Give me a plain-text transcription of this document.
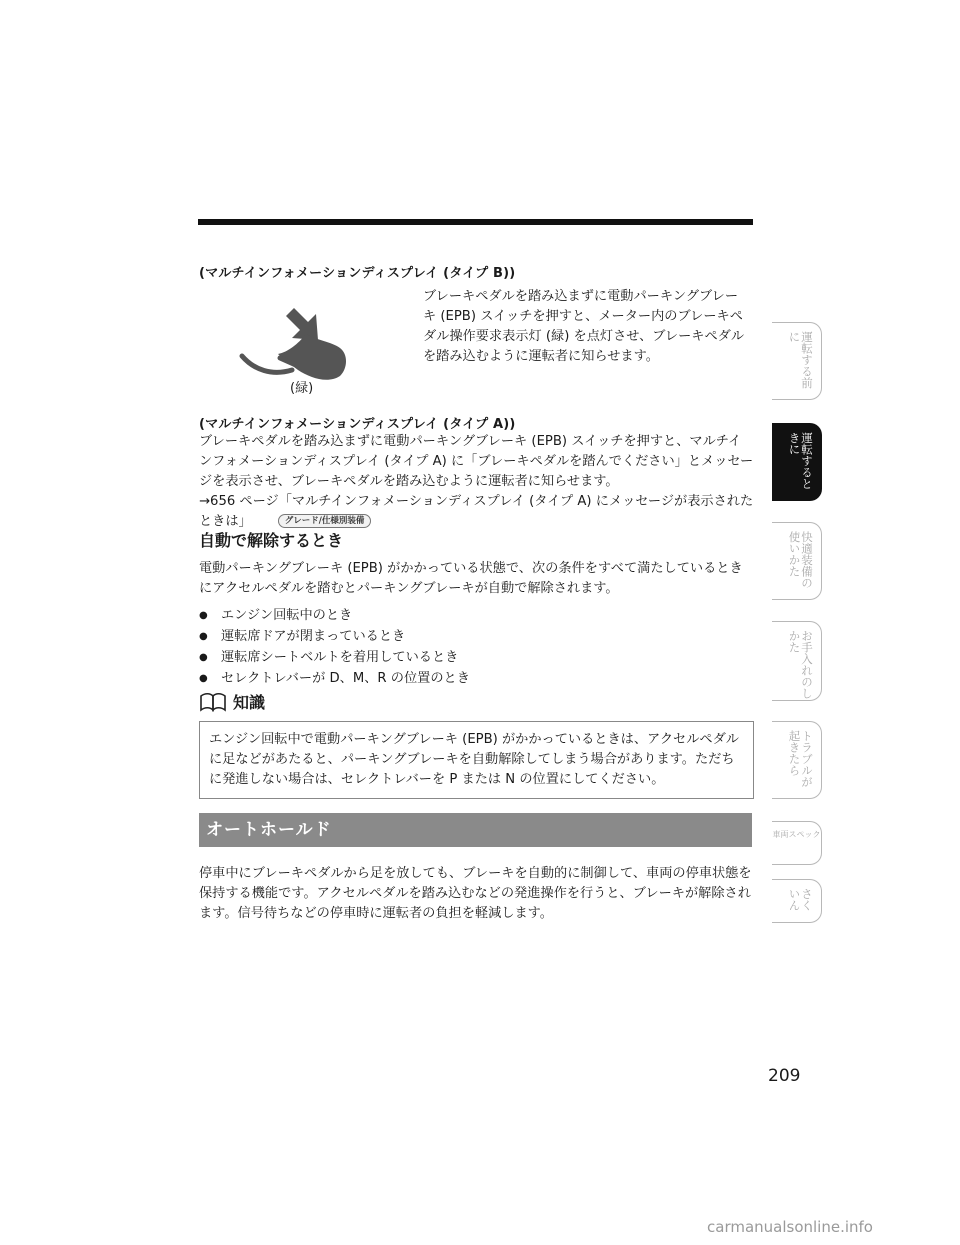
(マルチインフォメーションディスプレイ (タイプ B))

(緑)
ブレーキペダルを踏み込まずに電動パーキングブレーキ (EPB) スイッチを押すと、メーター内のブレーキペダル操作要求表示灯 (緑) を点灯させ、ブレーキペダルを踏み込むように運転者に知らせます。

(マルチインフォメーションディスプレイ (タイプ A))

ブレーキペダルを踏み込まずに電動パーキングブレーキ (EPB) スイッチを押すと、マルチインフォメーションディスプレイ (タイプ A) に「ブレーキペダルを踏んでください」とメッセージを表示させ、ブレーキペダルを踏み込むように運転者に知らせます。

→656 ページ「マルチインフォメーションディスプレイ (タイプ A) にメッセージが表示されたときは」	グレード/仕様別装備

自動で解除するとき

電動パーキングブレーキ (EPB) がかかっている状態で、次の条件をすべて満たしているときにアクセルペダルを踏むとパーキングブレーキが自動で解除されます。

● エンジン回転中のとき
● 運転席ドアが閉まっているとき
● 運転席シートベルトを着用しているとき
● セレクトレバーが D、M、R の位置のとき
知識
エンジン回転中で電動パーキングブレーキ (EPB) がかかっているときは、アクセルペダルに足などがあたると、パーキングブレーキを自動解除してしまう場合があります。ただちに発進しない場合は、セレクトレバーを P または N の位置にしてください。
オートホールド

停車中にブレーキペダルから足を放しても、ブレーキを自動的に制御して、車両の停車状態を保持する機能です。アクセルペダルを踏み込むなどの発進操作を行うと、ブレーキが解除されます。信号待ちなどの停車時に運転者の負担を軽減します。

運転する前に
運転するときに
快適装備の使いかた
お手入れのしかた
トラブルが起きたら
車両スペック
さくいん
209
carmanualsonline.info
